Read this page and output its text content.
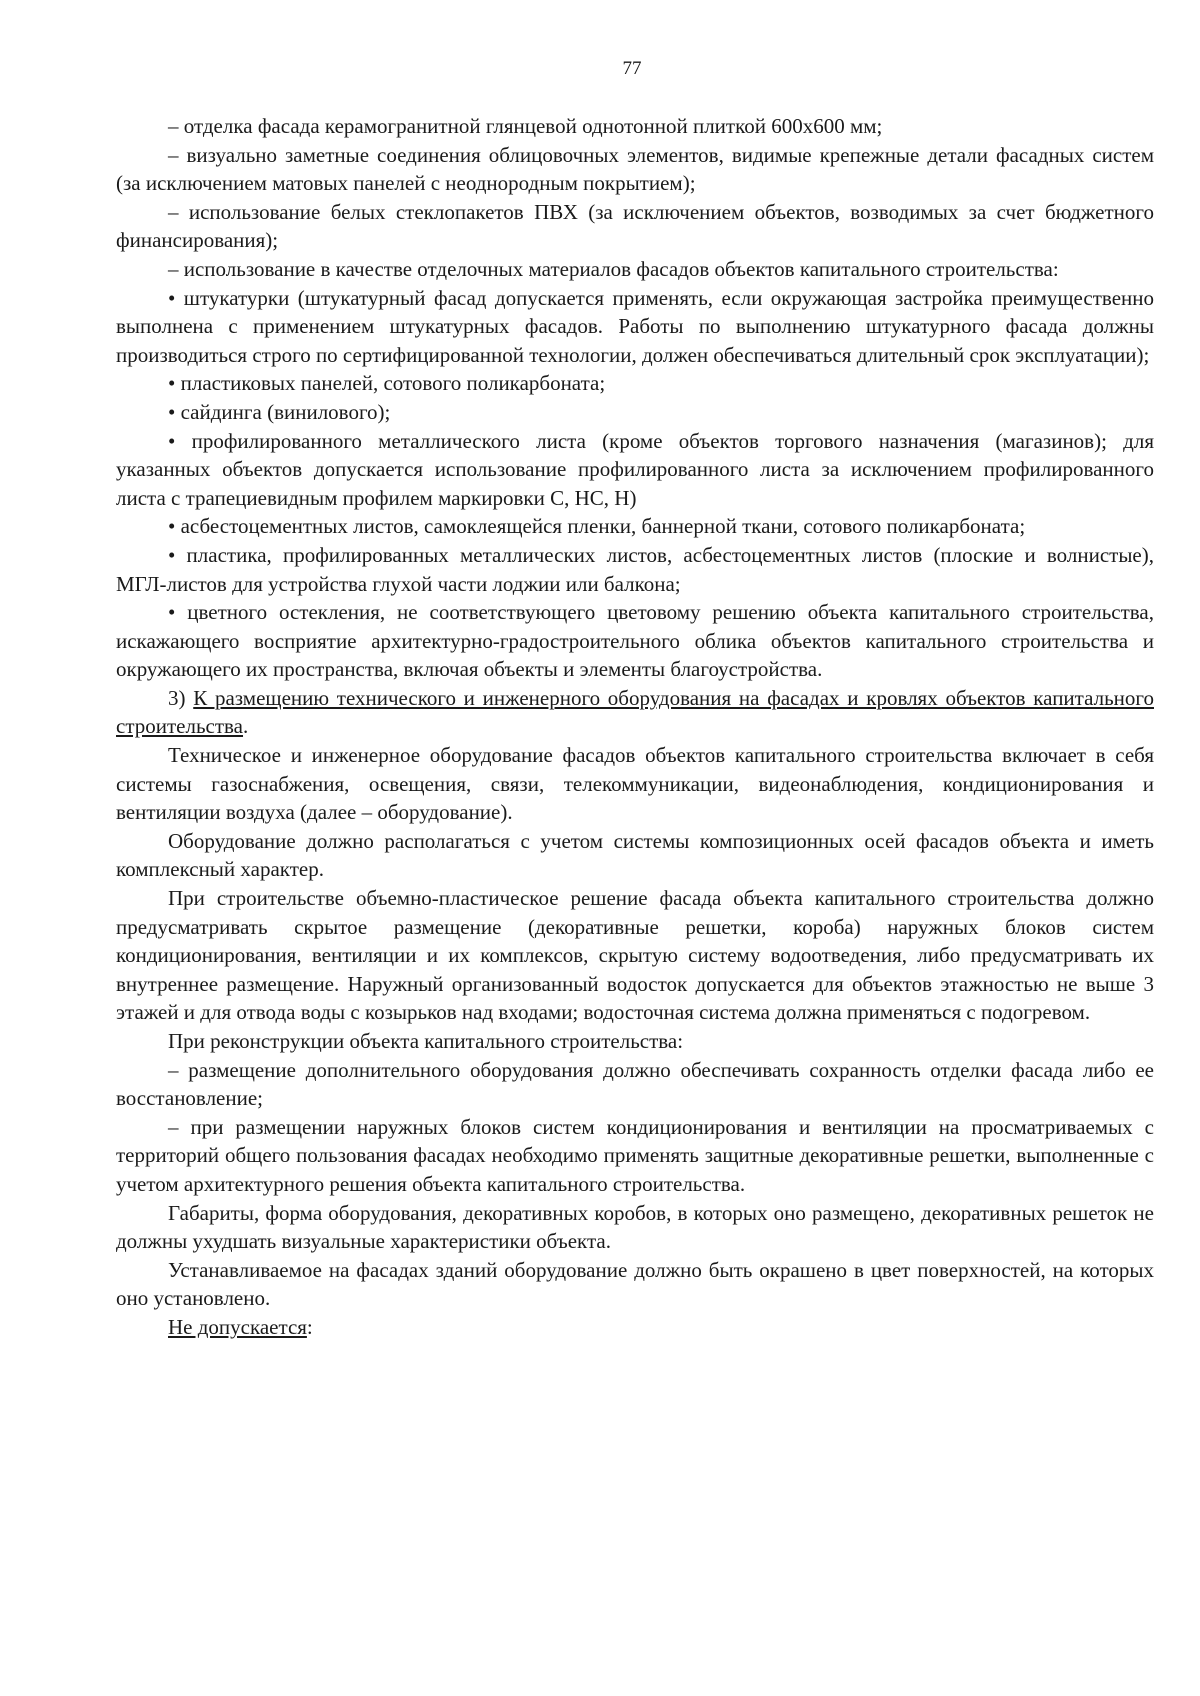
77

– отделка фасада керамогранитной глянцевой однотонной плиткой 600х600 мм;

– визуально заметные соединения облицовочных элементов, видимые крепежные детали фасадных систем (за исключением матовых панелей с неоднородным покрытием);

– использование белых стеклопакетов ПВХ (за исключением объектов, возводимых за счет бюджетного финансирования);

– использование в качестве отделочных материалов фасадов объектов капитального строительства:

• штукатурки (штукатурный фасад допускается применять, если окружающая застройка преимущественно выполнена с применением штукатурных фасадов. Работы по выполнению штукатурного фасада должны производиться строго по сертифицированной технологии, должен обеспечиваться длительный срок эксплуатации);

• пластиковых панелей, сотового поликарбоната;

• сайдинга (винилового);

• профилированного металлического листа (кроме объектов торгового назначения (магазинов); для указанных объектов допускается использование профилированного листа за исключением профилированного листа с трапециевидным профилем маркировки С, НС, Н)

• асбестоцементных листов, самоклеящейся пленки, баннерной ткани, сотового поликарбоната;

• пластика, профилированных металлических листов, асбестоцементных листов (плоские и волнистые), МГЛ-листов для устройства глухой части лоджии или балкона;

• цветного остекления, не соответствующего цветовому решению объекта капитального строительства, искажающего восприятие архитектурно-градостроительного облика объектов капитального строительства и окружающего их пространства, включая объекты и элементы благоустройства.

3) К размещению технического и инженерного оборудования на фасадах и кровлях объектов капитального строительства.

Техническое и инженерное оборудование фасадов объектов капитального строительства включает в себя системы газоснабжения, освещения, связи, телекоммуникации, видеонаблюдения, кондиционирования и вентиляции воздуха (далее – оборудование).

Оборудование должно располагаться с учетом системы композиционных осей фасадов объекта и иметь комплексный характер.

При строительстве объемно-пластическое решение фасада объекта капитального строительства должно предусматривать скрытое размещение (декоративные решетки, короба) наружных блоков систем кондиционирования, вентиляции и их комплексов, скрытую систему водоотведения, либо предусматривать их внутреннее размещение. Наружный организованный водосток допускается для объектов этажностью не выше 3 этажей и для отвода воды с козырьков над входами; водосточная система должна применяться с подогревом.

При реконструкции объекта капитального строительства:

– размещение дополнительного оборудования должно обеспечивать сохранность отделки фасада либо ее восстановление;

– при размещении наружных блоков систем кондиционирования и вентиляции на просматриваемых с территорий общего пользования фасадах необходимо применять защитные декоративные решетки, выполненные с учетом архитектурного решения объекта капитального строительства.

Габариты, форма оборудования, декоративных коробов, в которых оно размещено, декоративных решеток не должны ухудшать визуальные характеристики объекта.

Устанавливаемое на фасадах зданий оборудование должно быть окрашено в цвет поверхностей, на которых оно установлено.

Не допускается:
